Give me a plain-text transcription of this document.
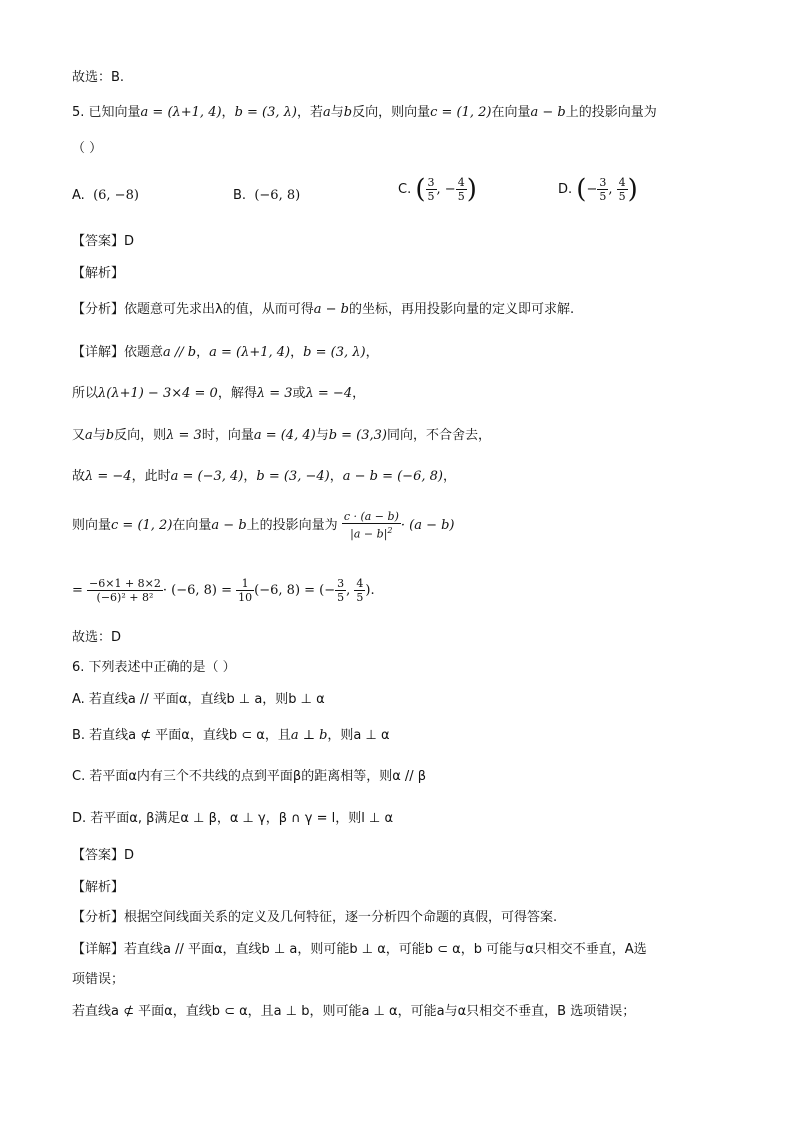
故选：B.
5. 已知向量a = (λ+1, 4)，b = (3, λ)，若a与b反向，则向量c = (1, 2)在向量a − b上的投影向量为
（ ）
A. (6, −8)	B. (−6, 8)	C. ( $\frac{3}{5}$ , − $\frac{4}{5}$ )	D. (− $\frac{3}{5}$ , $\frac{4}{5}$ )
【答案】D
【解析】
【分析】依题意可先求出λ的值，从而可得a − b的坐标，再用投影向量的定义即可求解.
【详解】依题意a // b，a = (λ+1, 4)，b = (3, λ)，
所以λ(λ+1) − 3×4 = 0，解得λ = 3或λ = −4，
又a与b反向，则λ = 3时，向量a = (4, 4)与b = (3,3)同向，不合舍去，
故λ = −4，此时a = (−3, 4)，b = (3, −4)，a − b = (−6, 8)，
则向量c = (1, 2)在向量a − b上的投影向量为 $\frac{c \cdot (a - b)}{|a - b|^2} \cdot (a - b)$
= $\frac{-6\times 1 + 8\times 2}{\text{(−6)² + 8²}} \cdot (-6$, $8) = \frac{1}{10} (-6$, 8) = (− $\frac{3}{5}$ , $\frac{4}{5}$ ).
故选：D
6. 下列表述中正确的是（ ）
A. 若直线a // 平面α，直线b ⊥ a，则b ⊥ α
B. 若直线a ⊄ 平面α，直线b ⊂ α，且a ⊥ b，则a ⊥ α
C. 若平面α内有三个不共线的点到平面β的距离相等，则α // β
D. 若平面α, β满足α ⊥ β，α ⊥ γ，β ∩ γ = l，则l ⊥ α
【答案】D
【解析】
【分析】根据空间线面关系的定义及几何特征，逐一分析四个命题的真假，可得答案.
【详解】若直线a // 平面α，直线b ⊥ a，则可能b ⊥ α，可能b ⊂ α，b 可能与α只相交不垂直，A选
项错误；
若直线a ⊄ 平面α，直线b ⊂ α，且a ⊥ b，则可能a ⊥ α，可能a与α只相交不垂直，B 选项错误；
